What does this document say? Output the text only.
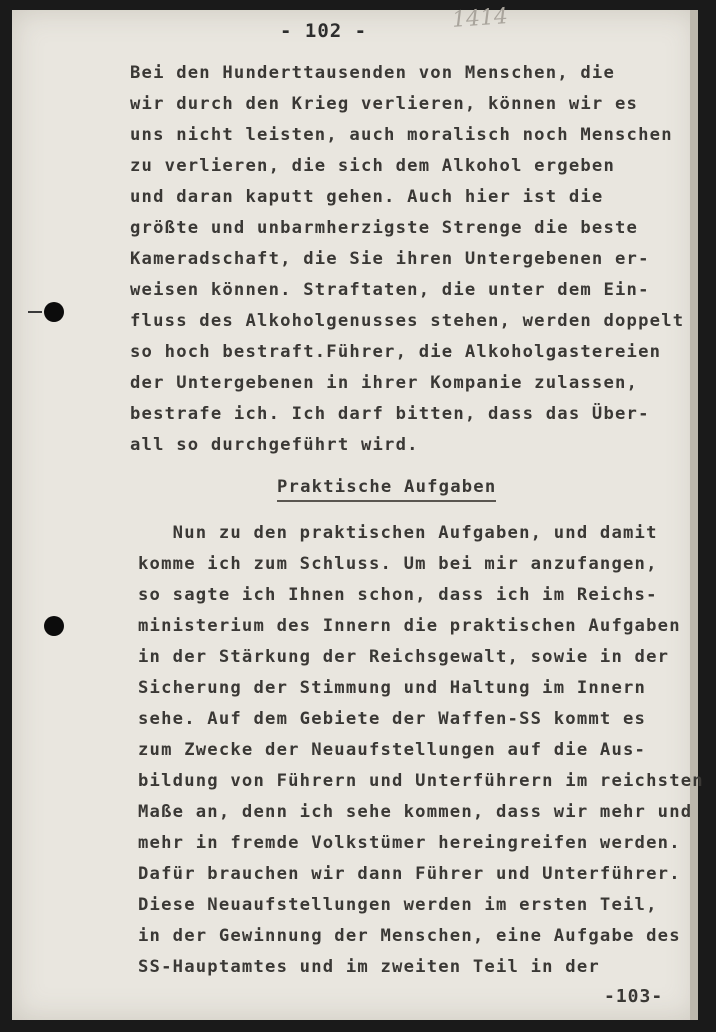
- 102 -	1414
Bei den Hunderttausenden von Menschen, die
wir durch den Krieg verlieren, können wir es
uns nicht leisten, auch moralisch noch Menschen
zu verlieren, die sich dem Alkohol ergeben
und daran kaputt gehen. Auch hier ist die
größte und unbarmherzigste Strenge die beste
Kameradschaft, die Sie ihren Untergebenen er-
weisen können. Straftaten, die unter dem Ein-
fluss des Alkoholgenusses stehen, werden doppelt
so hoch bestraft.Führer, die Alkoholgastereien
der Untergebenen in ihrer Kompanie zulassen,
bestrafe ich. Ich darf bitten, dass das Über-
all so durchgeführt wird.
Praktische Aufgaben
Nun zu den praktischen Aufgaben, und damit
komme ich zum Schluss. Um bei mir anzufangen,
so sagte ich Ihnen schon, dass ich im Reichs-
ministerium des Innern die praktischen Aufgaben
in der Stärkung der Reichsgewalt, sowie in der
Sicherung der Stimmung und Haltung im Innern
sehe. Auf dem Gebiete der Waffen-SS kommt es
zum Zwecke der Neuaufstellungen auf die Aus-
bildung von Führern und Unterführern im reichsten
Maße an, denn ich sehe kommen, dass wir mehr und
mehr in fremde Volkstümer hereingreifen werden.
Dafür brauchen wir dann Führer und Unterführer.
Diese Neuaufstellungen werden im ersten Teil,
in der Gewinnung der Menschen, eine Aufgabe des
SS-Hauptamtes und im zweiten Teil in der
-103-
